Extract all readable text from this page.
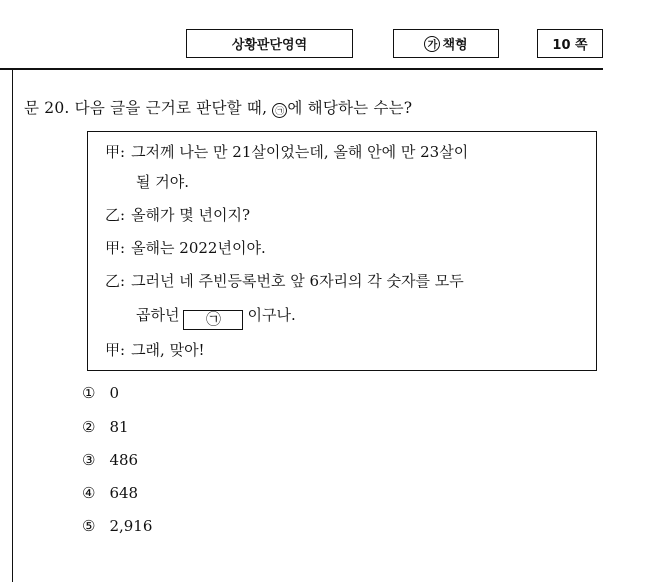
상황판단영역	가 책형	10 쪽
문 20. 다음 글을 근거로 판단할 때, ㉠ 에 해당하는 수는?
甲: 그저께 나는 만 21살이었는데, 올해 안에 만 23살이
될 거야.
乙: 올해가 몇 년이지?
甲: 올해는 2022년이야.
乙: 그러넌 네 주빈등록번호 앞 6자리의 각 숫자를 모두
곱하넌 ㉠ 이구나.
甲: 그래, 맞아!
① 0
② 81
③ 486
④ 648
⑤ 2,916
